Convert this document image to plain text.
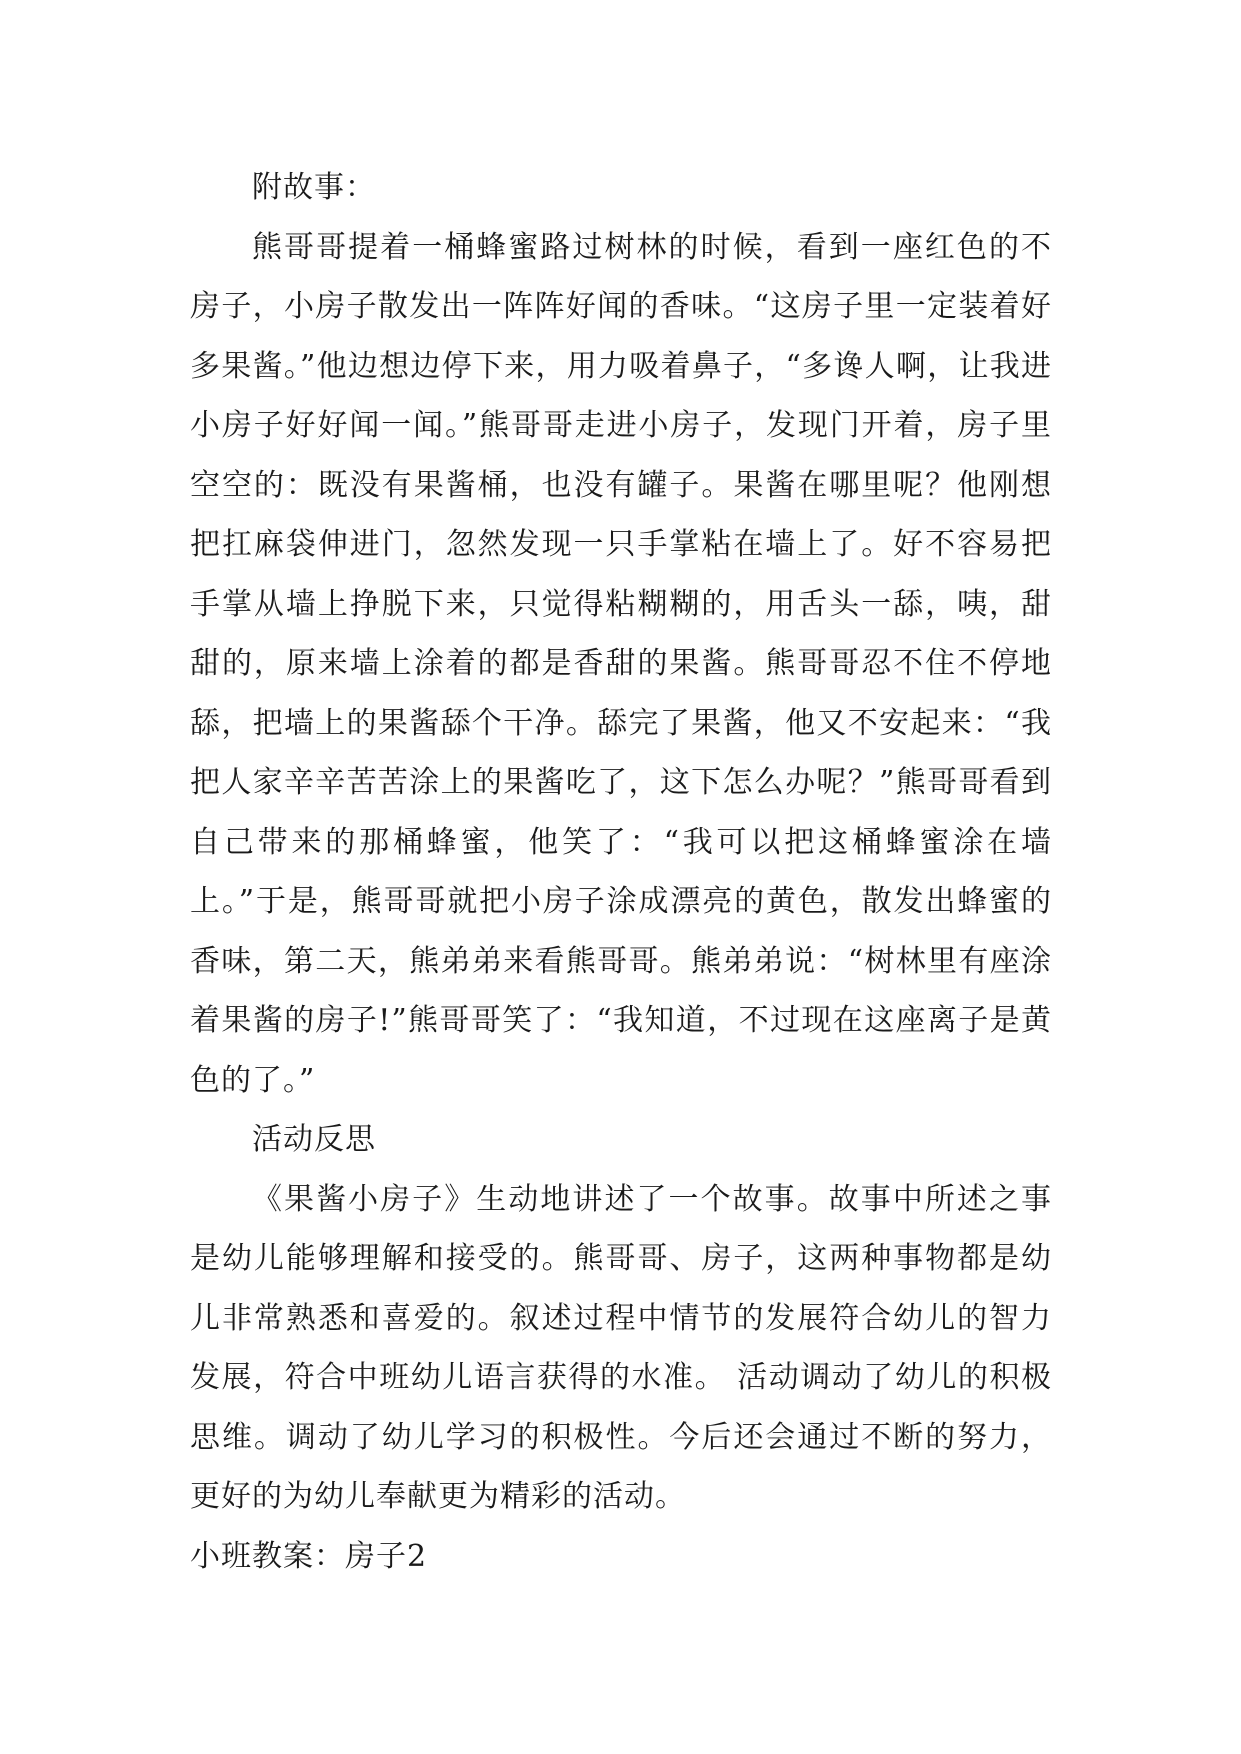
附故事：

熊哥哥提着一桶蜂蜜路过树林的时候，看到一座红色的不房子，小房子散发出一阵阵好闻的香味。“这房子里一定装着好多果酱。”他边想边停下来，用力吸着鼻子，“多谗人啊，让我进小房子好好闻一闻。”熊哥哥走进小房子，发现门开着，房子里空空的：既没有果酱桶，也没有罐子。果酱在哪里呢？他刚想把扛麻袋伸进门，忽然发现一只手掌粘在墙上了。好不容易把手掌从墙上挣脱下来，只觉得粘糊糊的，用舌头一舔，咦，甜甜的，原来墙上涂着的都是香甜的果酱。熊哥哥忍不住不停地舔，把墙上的果酱舔个干净。舔完了果酱，他又不安起来：“我把人家辛辛苦苦涂上的果酱吃了，这下怎么办呢？”熊哥哥看到自己带来的那桶蜂蜜，他笑了：“我可以把这桶蜂蜜涂在墙上。”于是，熊哥哥就把小房子涂成漂亮的黄色，散发出蜂蜜的香味，第二天，熊弟弟来看熊哥哥。熊弟弟说：“树林里有座涂着果酱的房子!”熊哥哥笑了：“我知道，不过现在这座离子是黄色的了。”

活动反思

《果酱小房子》生动地讲述了一个故事。故事中所述之事是幼儿能够理解和接受的。熊哥哥、房子，这两种事物都是幼儿非常熟悉和喜爱的。叙述过程中情节的发展符合幼儿的智力发展，符合中班幼儿语言获得的水准。 活动调动了幼儿的积极思维。调动了幼儿学习的积极性。今后还会通过不断的努力，更好的为幼儿奉献更为精彩的活动。

小班教案：房子2
